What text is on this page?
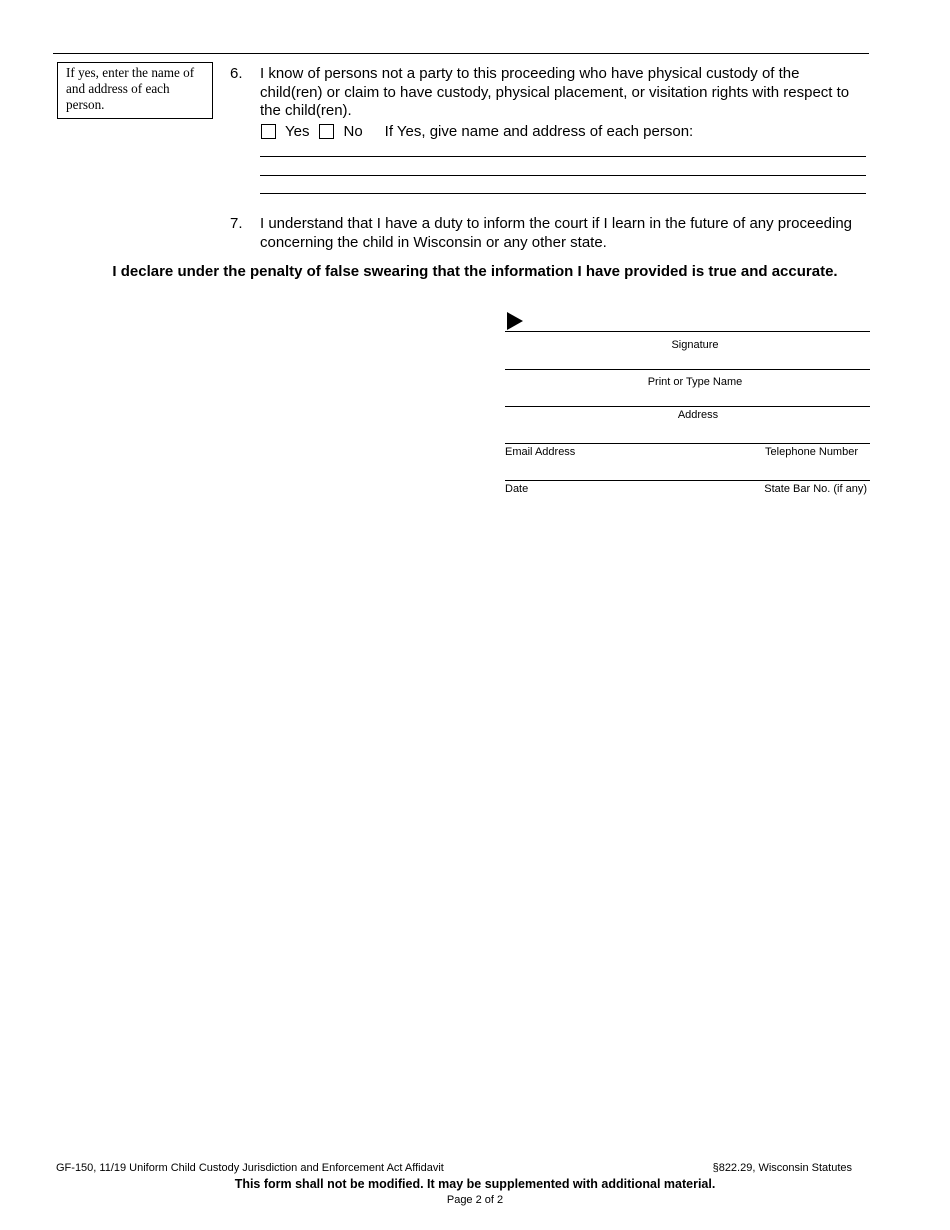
If yes, enter the name of and address of each person.
6. I know of persons not a party to this proceeding who have physical custody of the
child(ren) or claim to have custody, physical placement, or visitation rights with respect to
the child(ren).
Yes No If Yes, give name and address of each person:
7. I understand that I have a duty to inform the court if I learn in the future of any proceeding
concerning the child in Wisconsin or any other state.
I declare under the penalty of false swearing that the information I have provided is true and accurate.
Signature
Print or Type Name
Address
Email Address	Telephone Number
Date	State Bar No. (if any)
GF-150, 11/19 Uniform Child Custody Jurisdiction and Enforcement Act Affidavit	§822.29, Wisconsin Statutes
This form shall not be modified. It may be supplemented with additional material.
Page 2 of 2
